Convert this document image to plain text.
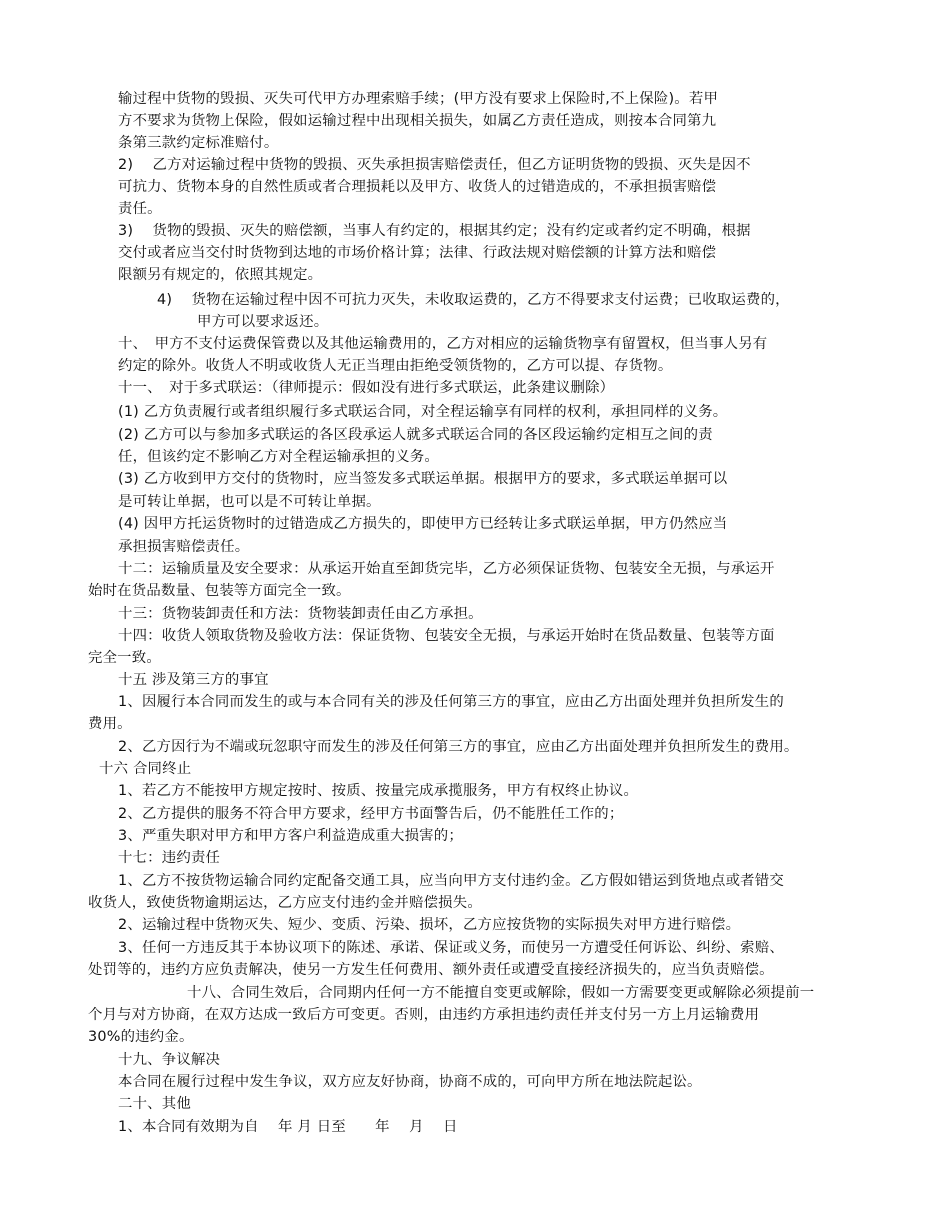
输过程中货物的毁损、灭失可代甲方办理索赔手续；(甲方没有要求上保险时,不上保险)。若甲
方不要求为货物上保险，假如运输过程中出现相关损失，如属乙方责任造成，则按本合同第九
条第三款约定标准赔付。
2)　 乙方对运输过程中货物的毁损、灭失承担损害赔偿责任，但乙方证明货物的毁损、灭失是因不
可抗力、货物本身的自然性质或者合理损耗以及甲方、收货人的过错造成的，不承担损害赔偿
责任。
3)　 货物的毁损、灭失的赔偿额，当事人有约定的，根据其约定；没有约定或者约定不明确，根据
交付或者应当交付时货物到达地的市场价格计算；法律、行政法规对赔偿额的计算方法和赔偿
限额另有规定的，依照其规定。
4)　 货物在运输过程中因不可抗力灭失，未收取运费的，乙方不得要求支付运费；已收取运费的，
甲方可以要求返还。
十、　甲方不支付运费保管费以及其他运输费用的，乙方对相应的运输货物享有留置权，但当事人另有
约定的除外。收货人不明或收货人无正当理由拒绝受领货物的，乙方可以提、存货物。
十一、　对于多式联运：（律师提示：假如没有进行多式联运，此条建议删除）
(1) 乙方负责履行或者组织履行多式联运合同，对全程运输享有同样的权利，承担同样的义务。
(2) 乙方可以与参加多式联运的各区段承运人就多式联运合同的各区段运输约定相互之间的责
任，但该约定不影响乙方对全程运输承担的义务。
(3) 乙方收到甲方交付的货物时，应当签发多式联运单据。根据甲方的要求，多式联运单据可以
是可转让单据，也可以是不可转让单据。
(4) 因甲方托运货物时的过错造成乙方损失的，即使甲方已经转让多式联运单据，甲方仍然应当
承担损害赔偿责任。
十二：运输质量及安全要求：从承运开始直至卸货完毕，乙方必须保证货物、包装安全无损，与承运开
始时在货品数量、包装等方面完全一致。
十三：货物装卸责任和方法：货物装卸责任由乙方承担。
十四：收货人领取货物及验收方法：保证货物、包装安全无损，与承运开始时在货品数量、包装等方面
完全一致。
十五 涉及第三方的事宜
1、因履行本合同而发生的或与本合同有关的涉及任何第三方的事宜，应由乙方出面处理并负担所发生的
费用。
2、乙方因行为不端或玩忽职守而发生的涉及任何第三方的事宜，应由乙方出面处理并负担所发生的费用。
十六 合同终止
1、若乙方不能按甲方规定按时、按质、按量完成承揽服务，甲方有权终止协议。
2、乙方提供的服务不符合甲方要求，经甲方书面警告后，仍不能胜任工作的；
3、严重失职对甲方和甲方客户利益造成重大损害的；
十七：违约责任
1、乙方不按货物运输合同约定配备交通工具，应当向甲方支付违约金。乙方假如错运到货地点或者错交
收货人，致使货物逾期运达，乙方应支付违约金并赔偿损失。
2、运输过程中货物灭失、短少、变质、污染、损坏，乙方应按货物的实际损失对甲方进行赔偿。
3、任何一方违反其于本协议项下的陈述、承诺、保证或义务，而使另一方遭受任何诉讼、纠纷、索赔、
处罚等的，违约方应负责解决，使另一方发生任何费用、额外责任或遭受直接经济损失的，应当负责赔偿。
十八、合同生效后，合同期内任何一方不能擅自变更或解除，假如一方需要变更或解除必须提前一
个月与对方协商，在双方达成一致后方可变更。否则，由违约方承担违约责任并支付另一方上月运输费用
30%的违约金。
十九、争议解决
本合同在履行过程中发生争议，双方应友好协商，协商不成的，可向甲方所在地法院起讼。
二十、其他
1、本合同有效期为自　 年 月 日至　　年　 月　 日
